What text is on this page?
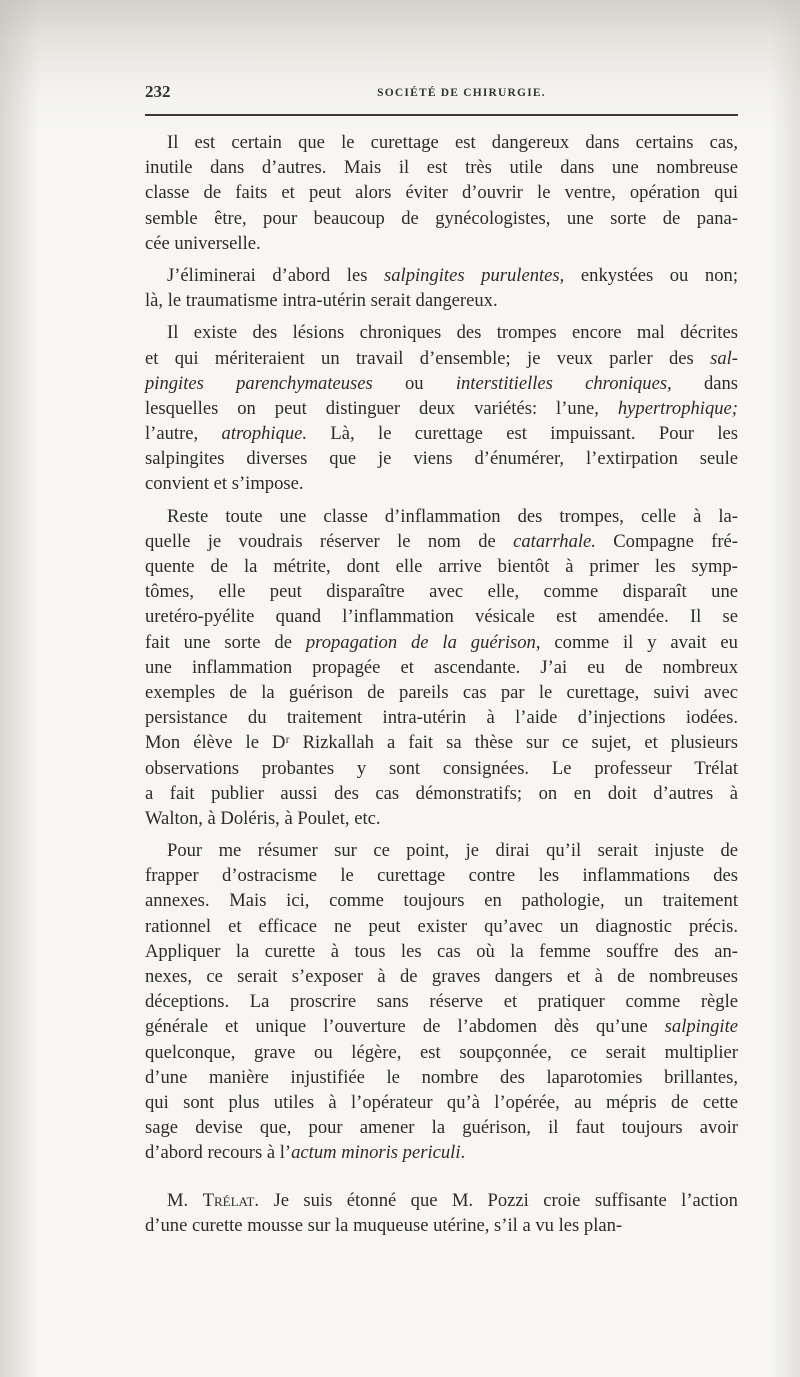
232	SOCIÉTÉ DE CHIRURGIE.
Il est certain que le curettage est dangereux dans certains cas,
inutile dans d’autres. Mais il est très utile dans une nombreuse
classe de faits et peut alors éviter d’ouvrir le ventre, opération qui
semble être, pour beaucoup de gynécologistes, une sorte de pana-
cée universelle.
J’éliminerai d’abord les salpingites purulentes, enkystées ou non;
là, le traumatisme intra-utérin serait dangereux.
Il existe des lésions chroniques des trompes encore mal décrites
et qui mériteraient un travail d’ensemble; je veux parler des sal-
pingites parenchymateuses ou interstitielles chroniques, dans
lesquelles on peut distinguer deux variétés: l’une, hypertrophique;
l’autre, atrophique. Là, le curettage est impuissant. Pour les
salpingites diverses que je viens d’énumérer, l’extirpation seule
convient et s’impose.
Reste toute une classe d’inflammation des trompes, celle à la-
quelle je voudrais réserver le nom de catarrhale. Compagne fré-
quente de la métrite, dont elle arrive bientôt à primer les symp-
tômes, elle peut disparaître avec elle, comme disparaît une
uretéro-pyélite quand l’inflammation vésicale est amendée. Il se
fait une sorte de propagation de la guérison, comme il y avait eu
une inflammation propagée et ascendante. J’ai eu de nombreux
exemples de la guérison de pareils cas par le curettage, suivi avec
persistance du traitement intra-utérin à l’aide d’injections iodées.
Mon élève le Dʳ Rizkallah a fait sa thèse sur ce sujet, et plusieurs
observations probantes y sont consignées. Le professeur Trélat
a fait publier aussi des cas démonstratifs; on en doit d’autres à
Walton, à Doléris, à Poulet, etc.
Pour me résumer sur ce point, je dirai qu’il serait injuste de
frapper d’ostracisme le curettage contre les inflammations des
annexes. Mais ici, comme toujours en pathologie, un traitement
rationnel et efficace ne peut exister qu’avec un diagnostic précis.
Appliquer la curette à tous les cas où la femme souffre des an-
nexes, ce serait s’exposer à de graves dangers et à de nombreuses
déceptions. La proscrire sans réserve et pratiquer comme règle
générale et unique l’ouverture de l’abdomen dès qu’une salpingite
quelconque, grave ou légère, est soupçonnée, ce serait multiplier
d’une manière injustifiée le nombre des laparotomies brillantes,
qui sont plus utiles à l’opérateur qu’à l’opérée, au mépris de cette
sage devise que, pour amener la guérison, il faut toujours avoir
d’abord recours à l’actum minoris periculi.
M. Trélat. Je suis étonné que M. Pozzi croie suffisante l’action
d’une curette mousse sur la muqueuse utérine, s’il a vu les plan-
